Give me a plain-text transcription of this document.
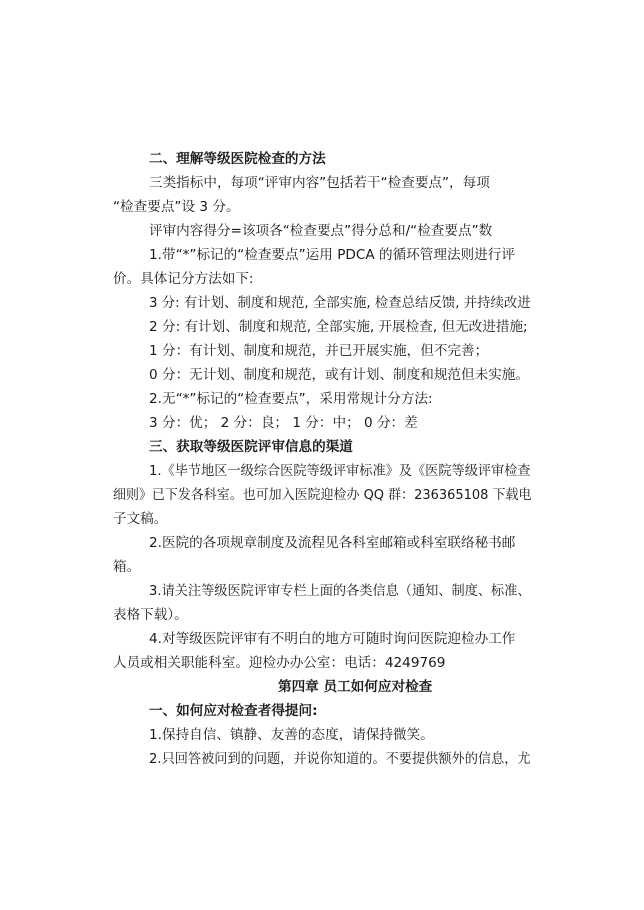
二、理解等级医院检查的方法
三类指标中，每项“评审内容”包括若干“检查要点”，每项
“检查要点”设 3 分。
评审内容得分=该项各“检查要点”得分总和/“检查要点”数
1.带“*”标记的“检查要点”运用 PDCA 的循环管理法则进行评
价。具体记分方法如下:
3 分: 有计划、制度和规范, 全部实施, 检查总结反馈, 并持续改进
2 分: 有计划、制度和规范, 全部实施, 开展检查, 但无改进措施;
1 分：有计划、制度和规范，并已开展实施，但不完善；
0 分：无计划、制度和规范，或有计划、制度和规范但未实施。
2.无“*”标记的“检查要点”，采用常规计分方法:
3 分：优； 2 分：良； 1 分：中； 0 分：差
三、获取等级医院评审信息的渠道
1.《毕节地区一级综合医院等级评审标准》及《医院等级评审检查
细则》已下发各科室。也可加入医院迎检办 QQ 群：236365108 下载电
子文稿。
2.医院的各项规章制度及流程见各科室邮箱或科室联络秘书邮
箱。
3.请关注等级医院评审专栏上面的各类信息（通知、制度、标准、
表格下载）。
4.对等级医院评审有不明白的地方可随时询问医院迎检办工作
人员或相关职能科室。迎检办办公室：电话：4249769
第四章 员工如何应对检查
一、如何应对检查者得提问:
1.保持自信、镇静、友善的态度，请保持微笑。
2.只回答被问到的问题，并说你知道的。不要提供额外的信息，尤
